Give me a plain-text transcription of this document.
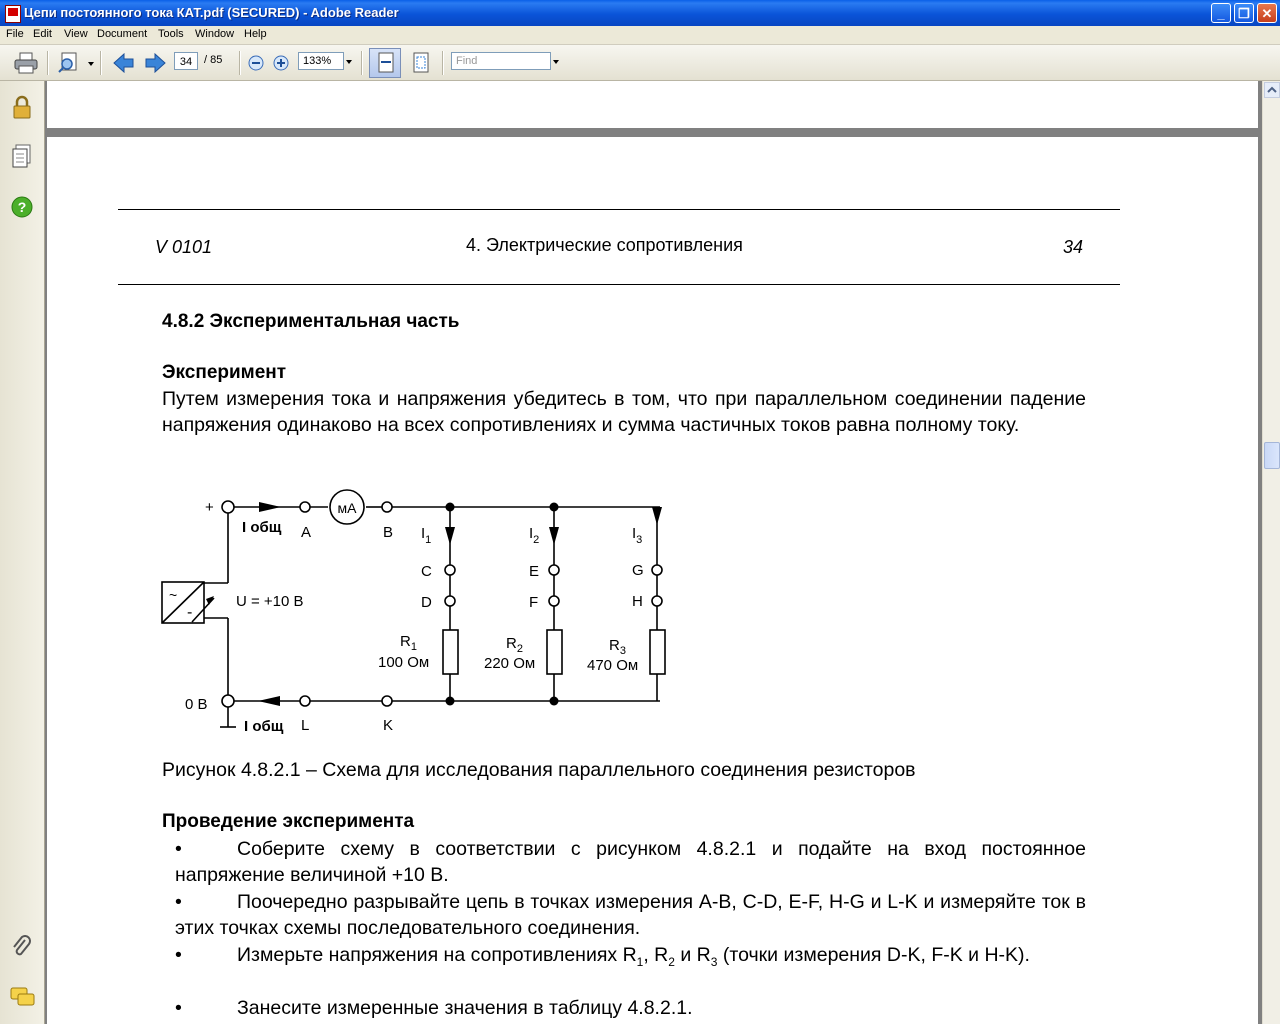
Цепи постоянного тока КАТ.pdf (SECURED) - Adobe Reader	_	❐ ✕
File Edit View Document Tools Window Help
34	/ 85	133%	Find
?
V 0101	4. Электрические сопротивления	34
4.8.2 Экспериментальная часть
Эксперимент
Путем измерения тока и напряжения убедитесь в том, что при параллельном соединении падение напряжения одинаково на всех сопротивлениях и сумма частичных токов равна полному току.
+
I общ A	B
мА
~
-
U = +10 В
0 В
I общ L	K
$I_1$	$I_2$	$I_3$
C
D
E
F
G
H
$R_1$
100 Ом
$R_2$
220 Ом
$R_3$
470 Ом
Рисунок 4.8.2.1 – Схема для исследования параллельного соединения резисторов
Проведение эксперимента
•	Соберите схему в соответствии с рисунком 4.8.2.1 и подайте на вход постоянное напряжение величиной +10 В.
•	Поочередно разрывайте цепь в точках измерения A-B, C-D, E-F, H-G и L-K и измеряйте ток в этих точках схемы последовательного соединения.
•	Измерьте напряжения на сопротивлениях $R_1$, $R_2$ и $R_3$ (точки измерения D-K, F-K и H-K).
•	Занесите измеренные значения в таблицу 4.8.2.1.
